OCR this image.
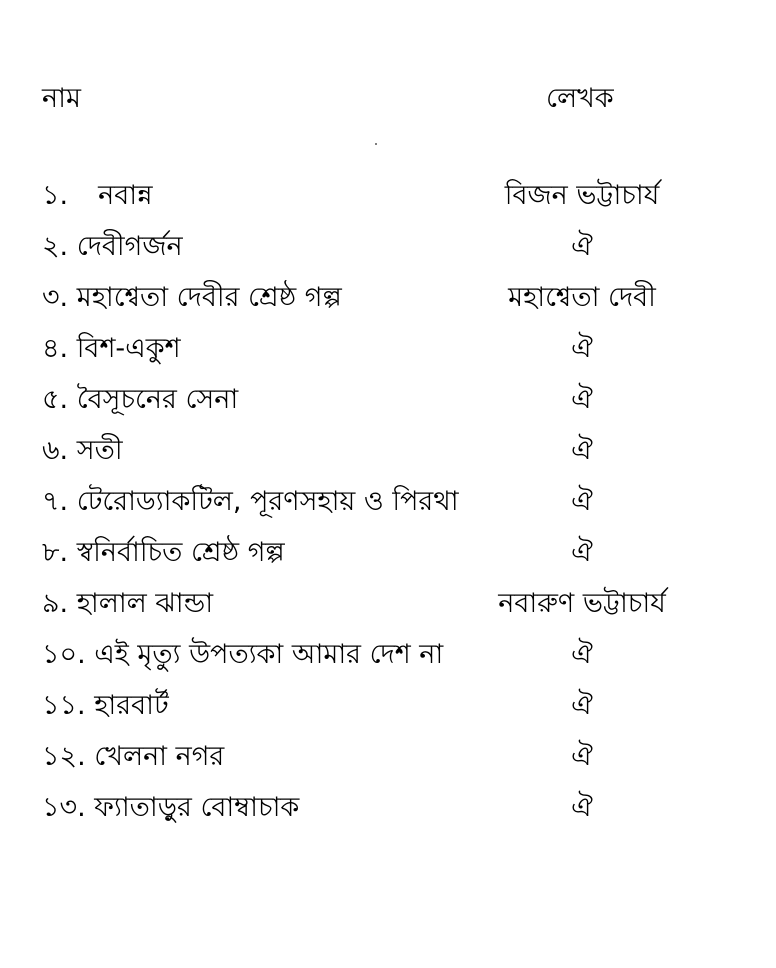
নাম	লেখক
১. নবান্ন	বিজন ভট্টাচার্য
২. দেবীগর্জন	ঐ
৩. মহাশ্বেতা দেবীর শ্রেষ্ঠ গল্প	মহাশ্বেতা দেবী
৪. বিশ-একুশ	ঐ
৫. বৈসূচনের সেনা	ঐ
৬. সতী	ঐ
৭. টেরোড্যাকটিল, পূরণসহায় ও পিরথা	ঐ
৮. স্বনির্বাচিত শ্রেষ্ঠ গল্প	ঐ
৯. হালাল ঝান্ডা	নবারুণ ভট্টাচার্য
১০. এই মৃত্যু উপত্যকা আমার দেশ না	ঐ
১১. হারবার্ট	ঐ
১২. খেলনা নগর	ঐ
১৩. ফ্যাতাড়ুর বোম্বাচাক	ঐ
